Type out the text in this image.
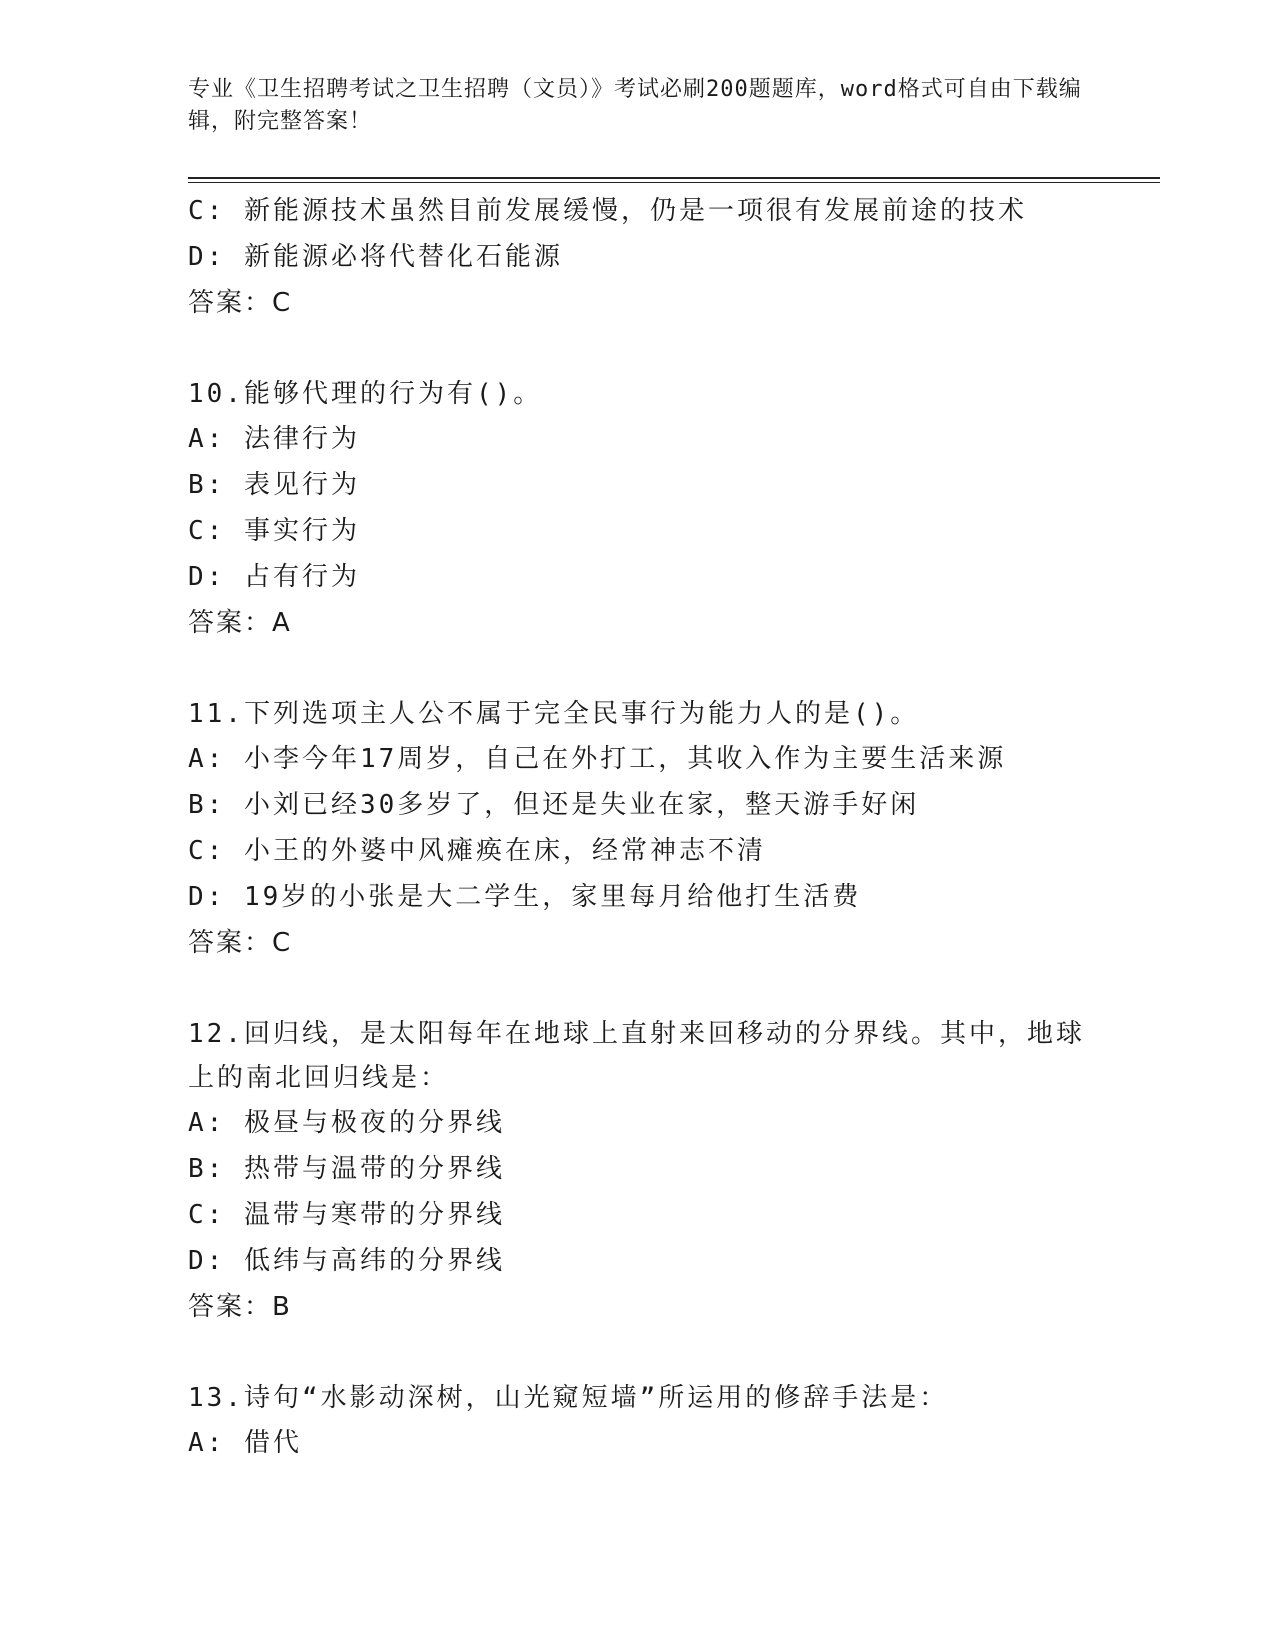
专业《卫生招聘考试之卫生招聘（文员）》考试必刷200题题库，word格式可自由下载编辑，附完整答案！
C: 新能源技术虽然目前发展缓慢，仍是一项很有发展前途的技术
D: 新能源必将代替化石能源
答案：C
10.能够代理的行为有()。
A: 法律行为
B: 表见行为
C: 事实行为
D: 占有行为
答案：A
11.下列选项主人公不属于完全民事行为能力人的是()。
A: 小李今年17周岁，自己在外打工，其收入作为主要生活来源
B: 小刘已经30多岁了，但还是失业在家，整天游手好闲
C: 小王的外婆中风瘫痪在床，经常神志不清
D: 19岁的小张是大二学生，家里每月给他打生活费
答案：C
12.回归线，是太阳每年在地球上直射来回移动的分界线。其中，地球上的南北回归线是：
A: 极昼与极夜的分界线
B: 热带与温带的分界线
C: 温带与寒带的分界线
D: 低纬与高纬的分界线
答案：B
13.诗句“水影动深树，山光窥短墙”所运用的修辞手法是：
A: 借代
